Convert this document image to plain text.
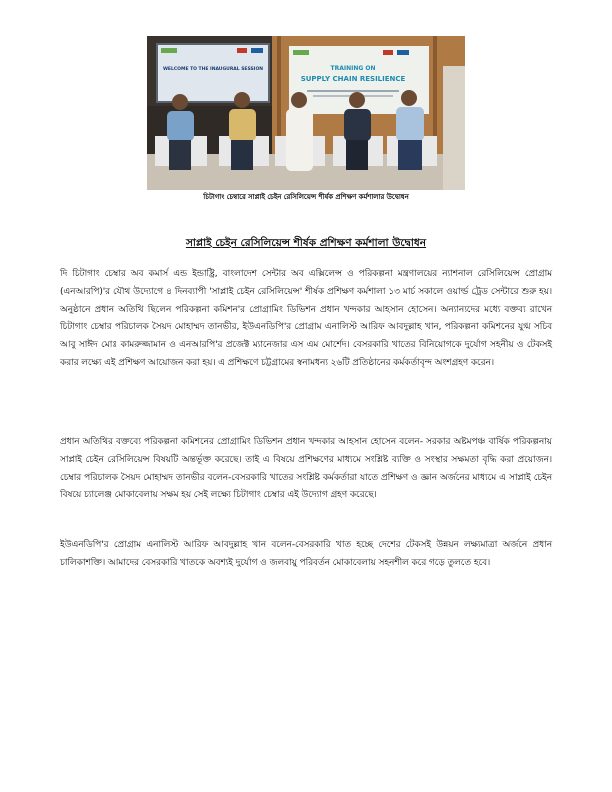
WELCOME TO THE INAUGURAL SESSION	TRAINING ON
SUPPLY CHAIN RESILIENCE
চিটাগাং চেম্বারে সাপ্লাই চেইন রেসিলিয়েন্স শীর্ষক প্রশিক্ষণ কর্মশালার উদ্বোধন
সাপ্লাই চেইন রেসিলিয়েন্স শীর্ষক প্রশিক্ষণ কর্মশালা উদ্বোধন

দি চিটাগাং চেম্বার অব কমার্স এন্ড ইন্ডাষ্ট্রি, বাংলাদেশ সেন্টার অব এক্সিলেন্স ও পরিকল্পনা মন্ত্রণালয়ের ন্যাশনাল রেসিলিয়েন্স প্রোগ্রাম (এনআরপি)'র যৌথ উদ্যোগে ৪ দিনব্যাপী 'সাপ্লাই চেইন রেসিলিয়েন্স' শীর্ষক প্রশিক্ষণ কর্মশালা ১৩ মার্চ সকালে ওয়ার্ল্ড ট্রেড সেন্টারে শুরু হয়। অনুষ্ঠানে প্রধান অতিথি ছিলেন পরিকল্পনা কমিশন'র প্রোগ্রামিং ডিভিশন প্রধান খন্দকার আহসান হোসেন। অন্যান্যদের মধ্যে বক্তব্য রাখেন চিটাগাং চেম্বার পরিচালক সৈয়দ মোহাম্মদ তানভীর, ইউএনডিপি'র প্রোগ্রাম এনালিস্ট আরিফ আবদুল্লাহ খান, পরিকল্পনা কমিশনের যুগ্ম সচিব আবু সাঈদ মোঃ কামরুজ্জামান ও এনআরপি'র প্রজেক্ট ম্যানেজার এস এম মোর্শেদ। বেসরকারি খাতের বিনিয়োগকে দুর্যোগ সহনীয় ও টেকসই করার লক্ষ্যে এই প্রশিক্ষণ আয়োজন করা হয়। এ প্রশিক্ষণে চট্টগ্রামের স্বনামধন্য ২৬টি প্রতিষ্ঠানের কর্মকর্তাবৃন্দ অংশগ্রহণ করেন।

প্রধান অতিথির বক্তব্যে পরিকল্পনা কমিশনের প্রোগ্রামিং ডিভিশন প্রধান খন্দকার আহসান হোসেন বলেন- সরকার অষ্টমপঞ্চ বার্ষিক পরিকল্পনায় সাপ্লাই চেইন রেসিলিয়েন্স বিষয়টি অন্তর্ভূক্ত করেছে। তাই এ বিষয়ে প্রশিক্ষণের মাধ্যমে সংশ্লিষ্ট ব্যক্তি ও সংস্থার সক্ষমতা বৃদ্ধি করা প্রয়োজন। চেম্বার পরিচালক সৈয়দ মোহাম্মদ তানভীর বলেন-বেসরকারি খাতের সংশ্লিষ্ট কর্মকর্তারা যাতে প্রশিক্ষণ ও জ্ঞান অর্জনের মাধ্যমে এ সাপ্লাই চেইন বিষয়ে চ্যালেঞ্জ মোকাবেলায় সক্ষম হয় সেই লক্ষ্যে চিটাগাং চেম্বার এই উদ্যোগ গ্রহণ করেছে।

ইউএনডিপি'র প্রোগ্রাম এনালিস্ট আরিফ আবদুল্লাহ খান বলেন-বেসরকারি খাত হচ্ছে দেশের টেকসই উন্নয়ন লক্ষ্যমাত্রা অর্জনে প্রধান চালিকাশক্তি। আমাদের বেসরকারি খাতকে অবশ্যই দুর্যোগ ও জলবায়ু পরিবর্তন মোকাবেলায় সহনশীল করে গড়ে তুলতে হবে।
